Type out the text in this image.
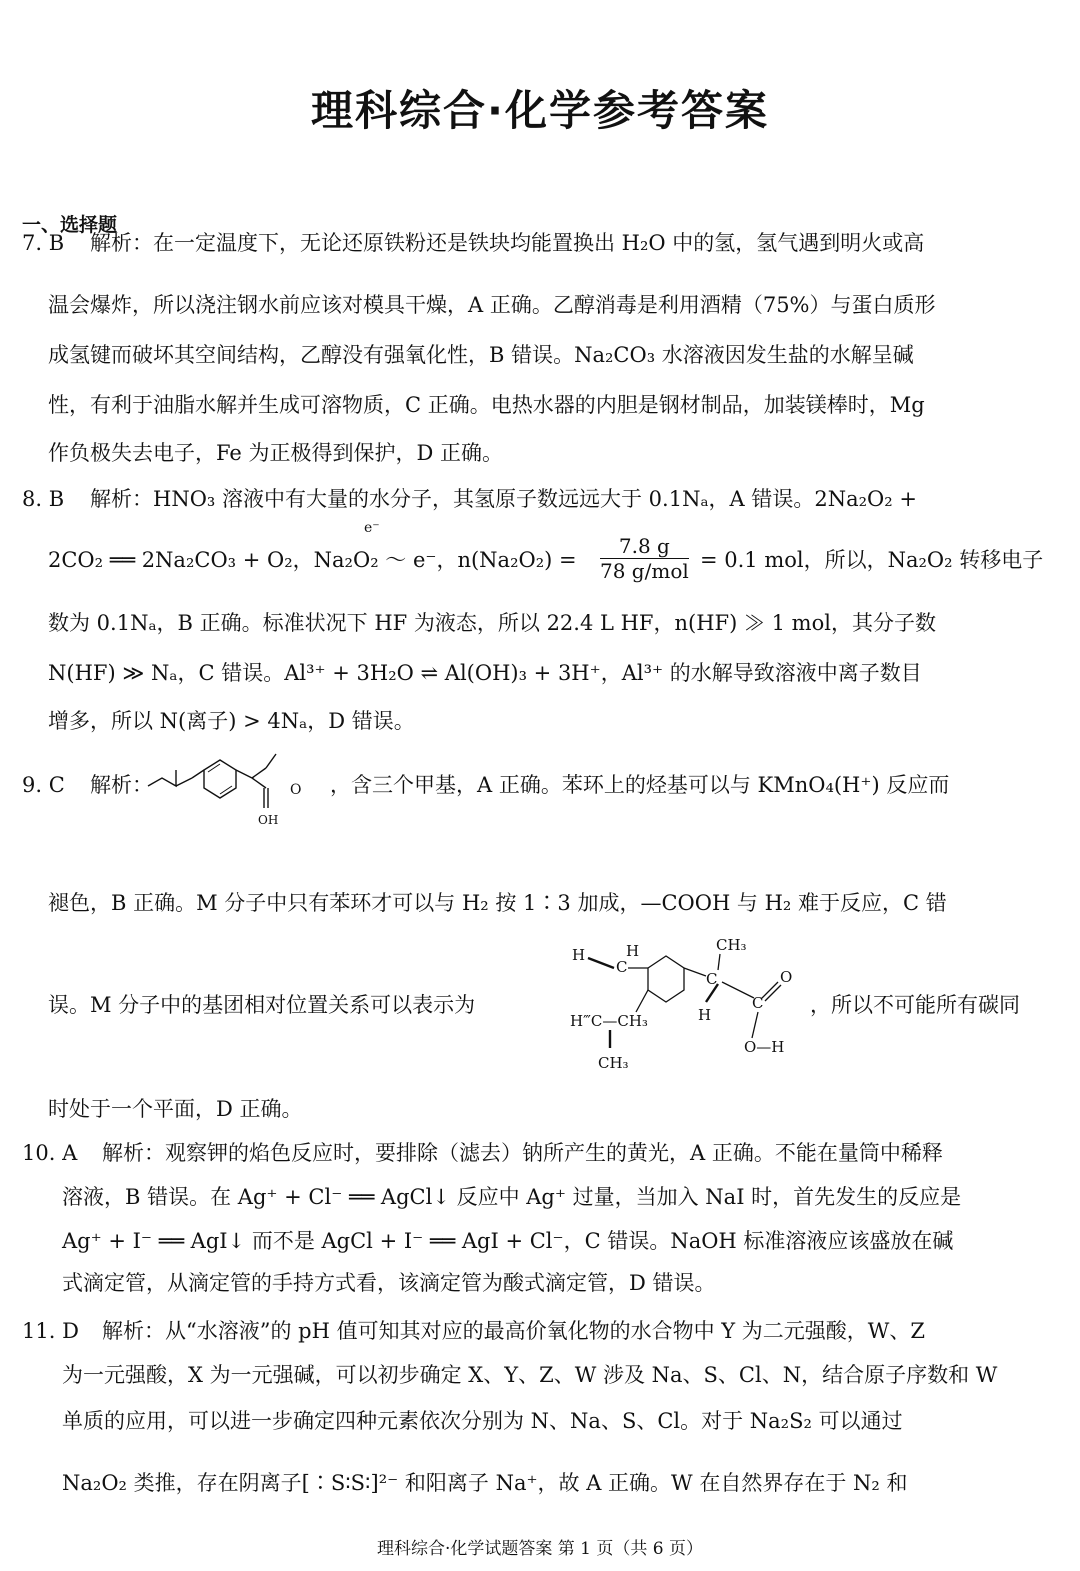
理科综合·化学参考答案
一、选择题
7. B 解析：在一定温度下，无论还原铁粉还是铁块均能置换出 H₂O 中的氢，氢气遇到明火或高
温会爆炸，所以浇注钢水前应该对模具干燥，A 正确。乙醇消毒是利用酒精（75%）与蛋白质形
成氢键而破坏其空间结构，乙醇没有强氧化性，B 错误。Na₂CO₃ 水溶液因发生盐的水解呈碱
性，有利于油脂水解并生成可溶物质，C 正确。电热水器的内胆是钢材制品，加装镁棒时，Mg
作负极失去电子，Fe 为正极得到保护，D 正确。
8. B 解析：HNO₃ 溶液中有大量的水分子，其氢原子数远远大于 0.1Nₐ，A 错误。2Na₂O₂ +
e⁻
2CO₂ ══ 2Na₂CO₃ + O₂，Na₂O₂ ～ e⁻，n(Na₂O₂) =
7.8 g
78 g/mol = 0.1 mol，所以，Na₂O₂ 转移电子
数为 0.1Nₐ，B 正确。标准状况下 HF 为液态，所以 22.4 L HF，n(HF) ≫ 1 mol，其分子数
N(HF) ≫ Nₐ，C 错误。Al³⁺ + 3H₂O ⇌ Al(OH)₃ + 3H⁺，Al³⁺ 的水解导致溶液中离子数目
增多，所以 N(离子) > 4Nₐ，D 错误。
9. C 解析：
OH
O ，含三个甲基，A 正确。苯环上的烃基可以与 KMnO₄(H⁺) 反应而
褪色，B 正确。M 分子中只有苯环才可以与 H₂ 按 1∶3 加成，—COOH 与 H₂ 难于反应，C 错
误。M 分子中的基团相对位置关系可以表示为
CH₃
H	H
C
C
H
C
O
O—H
H‴C—CH₃
CH₃
，所以不可能所有碳同
时处于一个平面，D 正确。
10. A 解析：观察钾的焰色反应时，要排除（滤去）钠所产生的黄光，A 正确。不能在量筒中稀释
溶液，B 错误。在 Ag⁺ + Cl⁻ ══ AgCl↓ 反应中 Ag⁺ 过量，当加入 NaI 时，首先发生的反应是
Ag⁺ + I⁻ ══ AgI↓ 而不是 AgCl + I⁻ ══ AgI + Cl⁻，C 错误。NaOH 标准溶液应该盛放在碱
式滴定管，从滴定管的手持方式看，该滴定管为酸式滴定管，D 错误。
11. D 解析：从“水溶液”的 pH 值可知其对应的最高价氧化物的水合物中 Y 为二元强酸，W、Z
为一元强酸，X 为一元强碱，可以初步确定 X、Y、Z、W 涉及 Na、S、Cl、N，结合原子序数和 W
单质的应用，可以进一步确定四种元素依次分别为 N、Na、S、Cl。对于 Na₂S₂ 可以通过
Na₂O₂ 类推，存在阴离子[∶S∶S∶]²⁻ 和阳离子 Na⁺，故 A 正确。W 在自然界存在于 N₂ 和
理科综合·化学试题答案 第 1 页（共 6 页）
